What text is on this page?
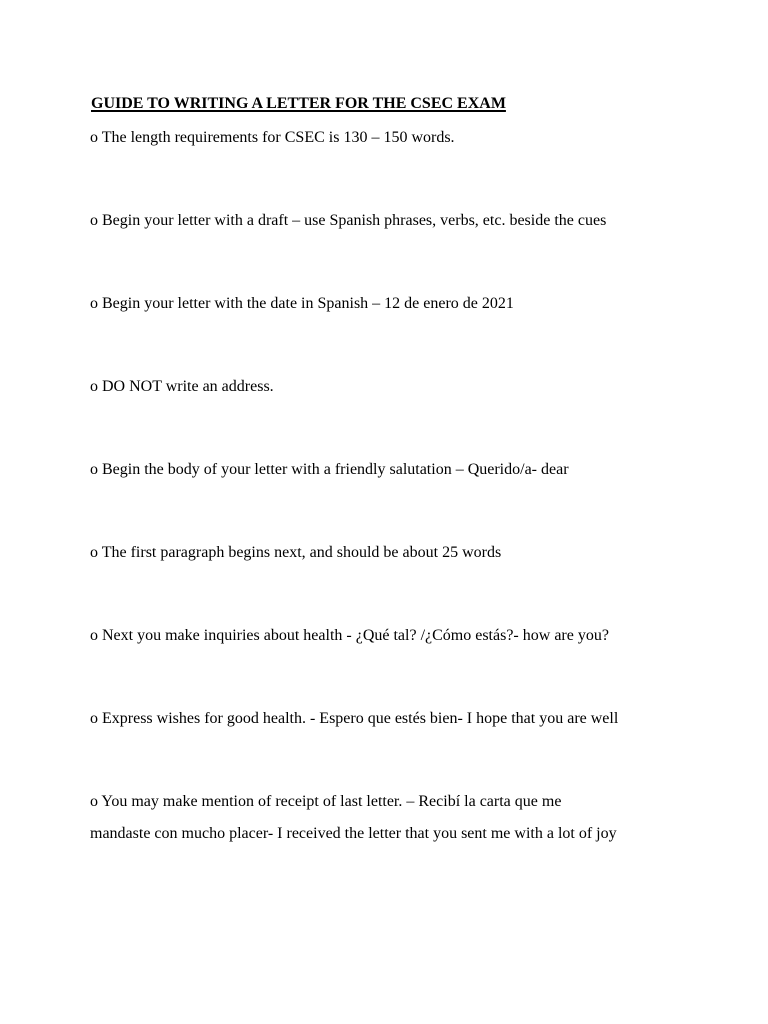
GUIDE TO WRITING A LETTER FOR THE CSEC EXAM
o The length requirements for CSEC is 130 – 150 words.
o Begin your letter with a draft – use Spanish phrases, verbs, etc. beside the cues
o Begin your letter with the date in Spanish – 12 de enero de 2021
o DO NOT write an address.
o Begin the body of your letter with a friendly salutation – Querido/a- dear
o The first paragraph begins next, and should be about 25 words
o Next you make inquiries about health - ¿Qué tal? /¿Cómo estás?- how are you?
o Express wishes for good health. - Espero que estés bien- I hope that you are well
o You may make mention of receipt of last letter. – Recibí la carta que me
mandaste con mucho placer- I received the letter that you sent me with a lot of joy
